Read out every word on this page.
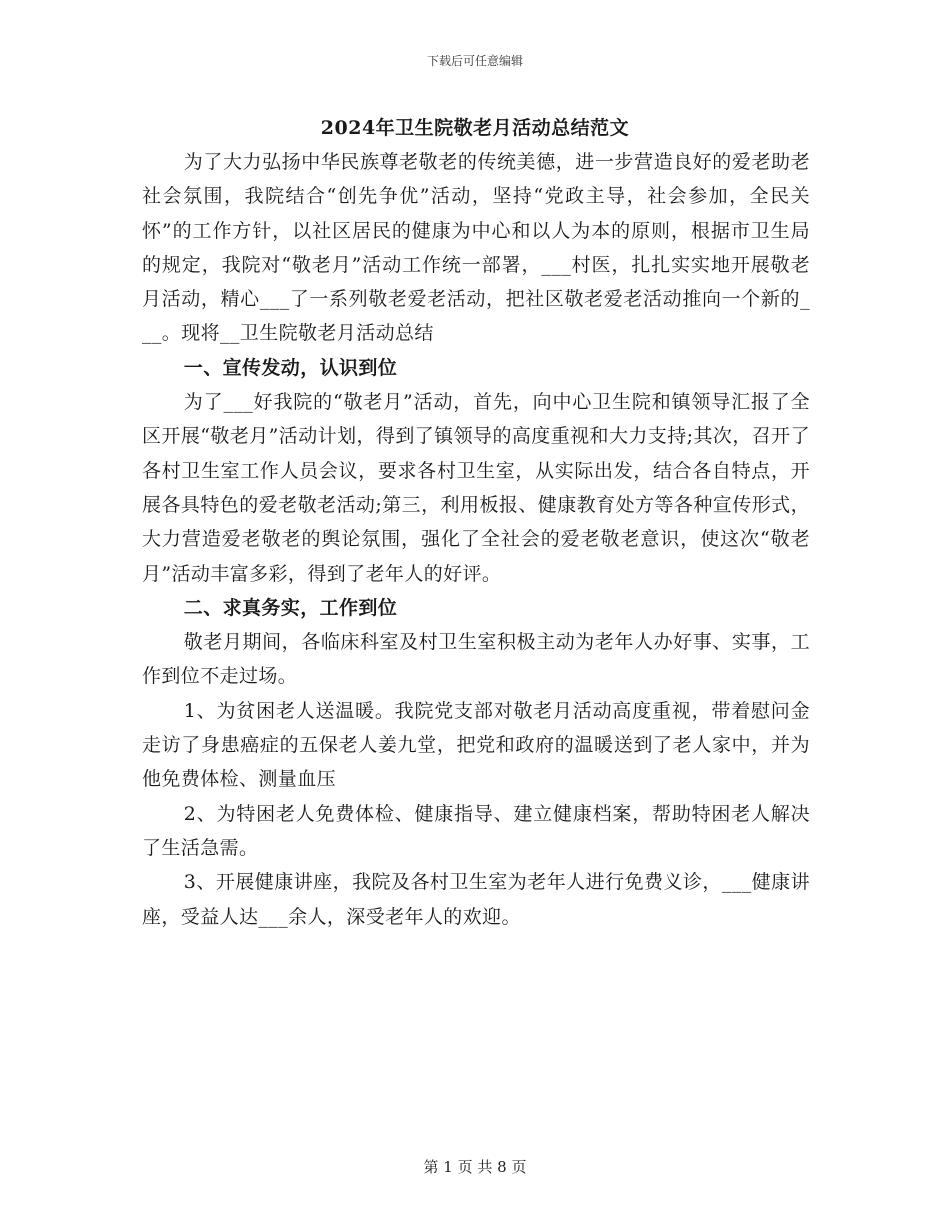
下载后可任意编辑
2024年卫生院敬老月活动总结范文

为了大力弘扬中华民族尊老敬老的传统美德，进一步营造良好的爱老助老社会氛围，我院结合“创先争优”活动，坚持“党政主导，社会参加，全民关怀”的工作方针，以社区居民的健康为中心和以人为本的原则，根据市卫生局的规定，我院对“敬老月”活动工作统一部署，___村医，扎扎实实地开展敬老月活动，精心___了一系列敬老爱老活动，把社区敬老爱老活动推向一个新的___。现将__卫生院敬老月活动总结

一、宣传发动，认识到位

为了___好我院的“敬老月”活动，首先，向中心卫生院和镇领导汇报了全区开展“敬老月”活动计划，得到了镇领导的高度重视和大力支持;其次，召开了各村卫生室工作人员会议，要求各村卫生室，从实际出发，结合各自特点，开展各具特色的爱老敬老活动;第三，利用板报、健康教育处方等各种宣传形式，大力营造爱老敬老的舆论氛围，强化了全社会的爱老敬老意识，使这次“敬老月”活动丰富多彩，得到了老年人的好评。

二、求真务实，工作到位

敬老月期间，各临床科室及村卫生室积极主动为老年人办好事、实事，工作到位不走过场。

1、为贫困老人送温暖。我院党支部对敬老月活动高度重视，带着慰问金走访了身患癌症的五保老人姜九堂，把党和政府的温暖送到了老人家中，并为他免费体检、测量血压

2、为特困老人免费体检、健康指导、建立健康档案，帮助特困老人解决了生活急需。

3、开展健康讲座，我院及各村卫生室为老年人进行免费义诊，___健康讲座，受益人达___余人，深受老年人的欢迎。

第 1 页 共 8 页
